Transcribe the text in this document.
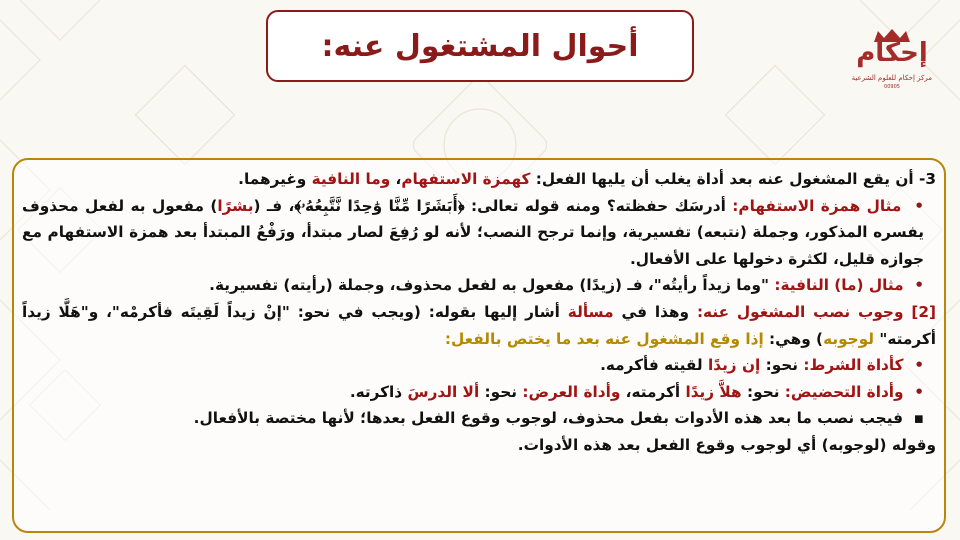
أحوال المشتغول عنه:	إحكام
مركز إحكام للعلوم الشرعية
00905

3- أن يقع المشغول عنه بعد أداة يغلب أن يليها الفعل: كهمزة الاستفهام، وما النافية وغيرهما.

•  مثال همزة الاستفهام: أدرسَك حفظته؟ ومنه قوله تعالى: ﴿أَبَشَرًا مِّنَّا وَٰحِدًا نَّتَّبِعُهُۥ﴾، فـ (بشرًا) مفعول به لفعل محذوف يفسره المذكور، وجملة (نتبعه) تفسيرية، وإنما ترجح النصب؛ لأنه لو رُفِعَ لصار مبتدأ، ورَفْعُ المبتدأ بعد همزة الاستفهام مع جوازه قليل، لكثرة دخولها على الأفعال.

•  مثال (ما) النافية: "وما زيداً رأيتُه"، فـ (زيدًا) مفعول به لفعل محذوف، وجملة (رأيته) تفسيرية.

[2] وجوب نصب المشغول عنه: وهذا في مسألة أشار إليها بقوله: (ويجب في نحو: "إنْ زيداً لَقِيتَه فأكرمْه"، و"هَلَّا زيداً أكرمته" لوجوبه) وهي: إذا وقع المشغول عنه بعد ما يختص بالفعل:

•  كأداة الشرط: نحو: إن زيدًا لقيته فأكرمه.

•  وأداة التحضيض: نحو: هلاَّ زيدًا أكرمته، وأداة العرض: نحو: ألا الدرسَ ذاكرته.

▪  فيجب نصب ما بعد هذه الأدوات بفعل محذوف، لوجوب وقوع الفعل بعدها؛ لأنها مختصة بالأفعال.

وقوله (لوجوبه) أي لوجوب وقوع الفعل بعد هذه الأدوات.
